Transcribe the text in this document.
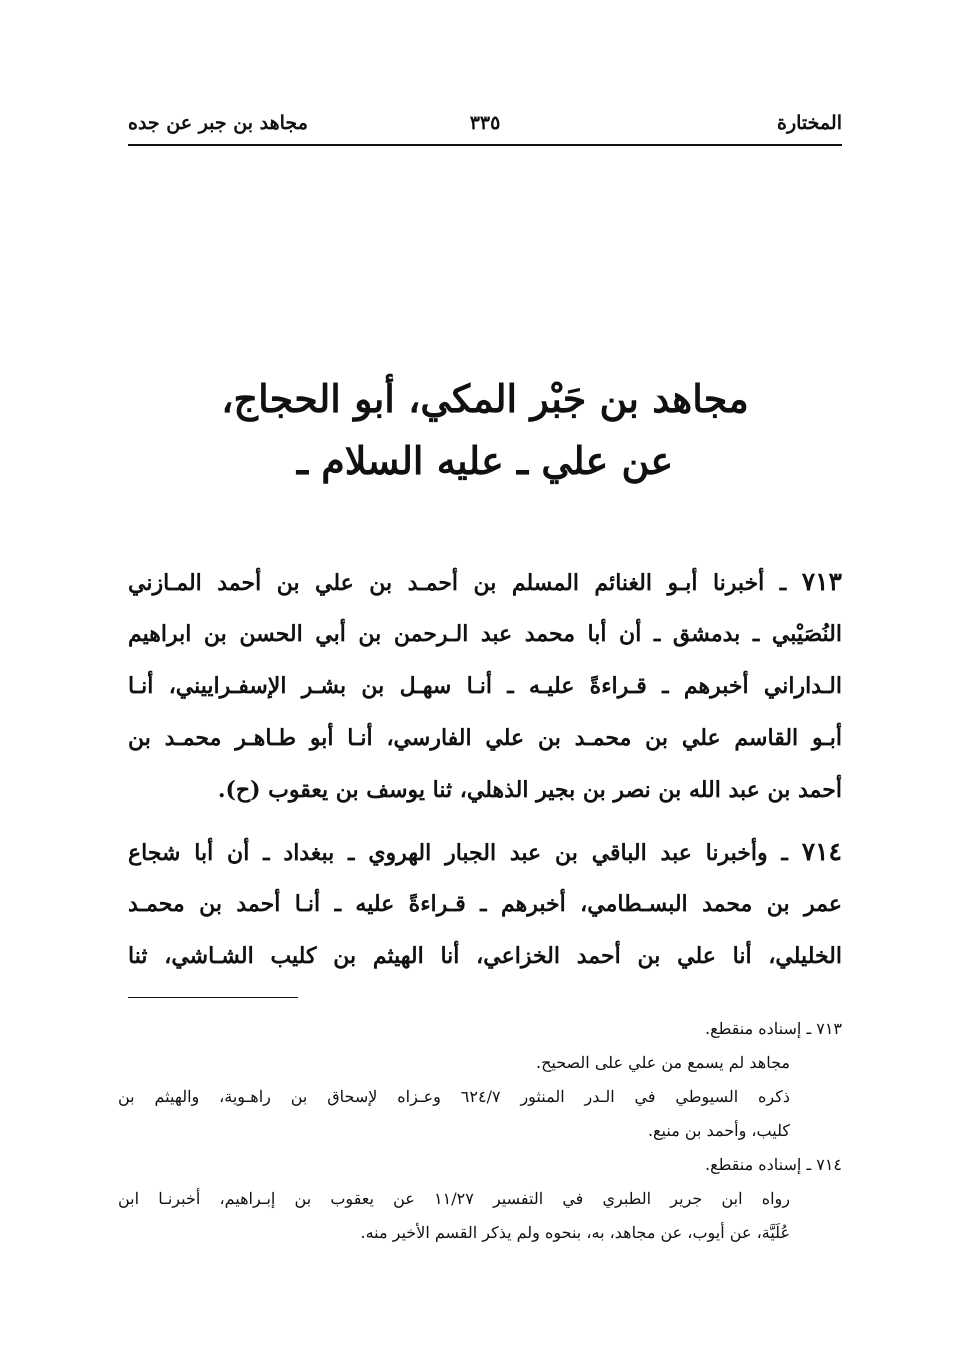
المختارة
٣٣٥
مجاهد بن جبر عن جده
مجاهد بن جَبْر المكي، أبو الحجاج،
عن علي ـ عليه السلام ـ
٧١٣ ـ أخبرنا أبـو الغنائم المسلم بن أحمـد بن علي بن أحمد المـازني
النُصَيْبي ـ بدمشق ـ أن أبا محمد عبد الـرحمن بن أبي الحسن بن ابراهيم
الـداراني أخبرهم ـ قـراءةً عليـه ـ أنـا سهـل بن بشـر الإسفـراييني، أنـا
أبـو القاسم علي بن محمـد بن علي الفارسي، أنـا أبو طـاهـر محمـد بن
أحمد بن عبد الله بن نصر بن بجير الذهلي، ثنا يوسف بن يعقوب (ح).
٧١٤ ـ وأخبرنا عبد الباقي بن عبد الجبار الهروي ـ ببغداد ـ أن أبا شجاع
عمر بن محمد البسـطامي، أخبرهم ـ قـراءةً عليه ـ أنـا أحمد بن محمـد
الخليلي، أنا علي بن أحمد الخزاعي، أنا الهيثم بن كليب الشـاشي، ثنا
٧١٣ ـ إسناده منقطع.
مجاهد لم يسمع من علي على الصحيح.
ذكره السيوطي في الـدر المنثور ٦٢٤/٧ وعـزاه لإسحاق بن راهـوية، والهيثم بن
كليب، وأحمد بن منيع.
٧١٤ ـ إسناده منقطع.
رواه ابن جرير الطبري في التفسير ١١/٢٧ عن يعقوب بن إبـراهيم، أخبرنـا ابن
عُلَيَّة، عن أيوب، عن مجاهد، به، بنحوه ولم يذكر القسم الأخير منه.
